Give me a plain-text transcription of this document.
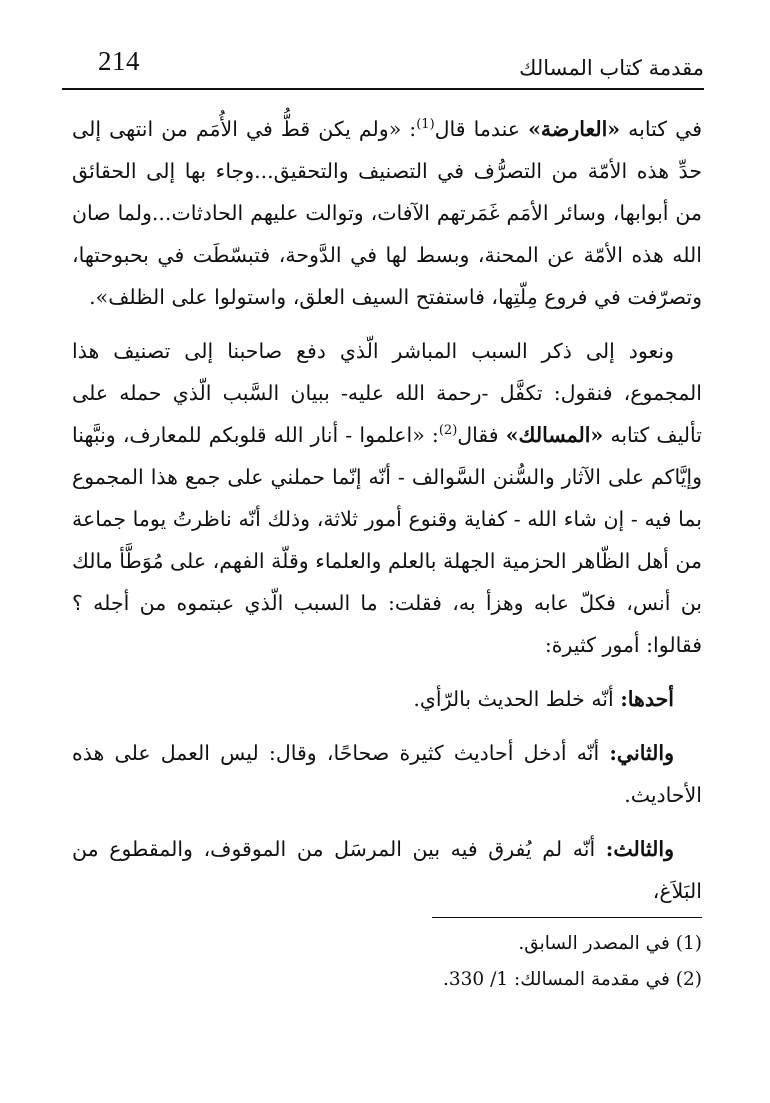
214	مقدمة كتاب المسالك

في كتابه «العارضة» عندما قال$^{(1)}$: «ولم يكن قطُّ في الأُمَم من انتهى إلى حدِّ هذه الأمّة من التصرُّف في التصنيف والتحقيق...وجاء بها إلى الحقائق من أبوابها، وسائر الأمَم غَمَرتهم الآفات، وتوالت عليهم الحادثات...ولما صان الله هذه الأمّة عن المحنة، وبسط لها في الدَّوحة، فتبسّطَت في بحبوحتها، وتصرّفت في فروع مِلّتِها، فاستفتح السيف العلق، واستولوا على الظلف».

ونعود إلى ذكر السبب المباشر الّذي دفع صاحبنا إلى تصنيف هذا المجموع، فنقول: تكفَّل -رحمة الله عليه- ببيان السَّبب الّذي حمله على تأليف كتابه «المسالك» فقال$^{(2)}$: «اعلموا - أنار الله قلوبكم للمعارف، ونبَّهنا وإيَّاكم على الآثار والسُّنن السَّوالف - أنّه إنّما حملني على جمع هذا المجموع بما فيه - إن شاء الله - كفاية وقنوع أمور ثلاثة، وذلك أنّه ناظرتُ يوما جماعة من أهل الظّاهر الحزمية الجهلة بالعلم والعلماء وقلّة الفهم، على مُوَطَّأ مالك بن أنس، فكلّ عابه وهزأ به، فقلت: ما السبب الّذي عبتموه من أجله ؟ فقالوا: أمور كثيرة:

أحدها: أنّه خلط الحديث بالرّأي.

والثاني: أنّه أدخل أحاديث كثيرة صحاحًا، وقال: ليس العمل على هذه الأحاديث.

والثالث: أنّه لم يُفرق فيه بين المرسَل من الموقوف، والمقطوع من البَلاَغ،

(1) في المصدر السابق.

(2) في مقدمة المسالك: 1/ 330.
